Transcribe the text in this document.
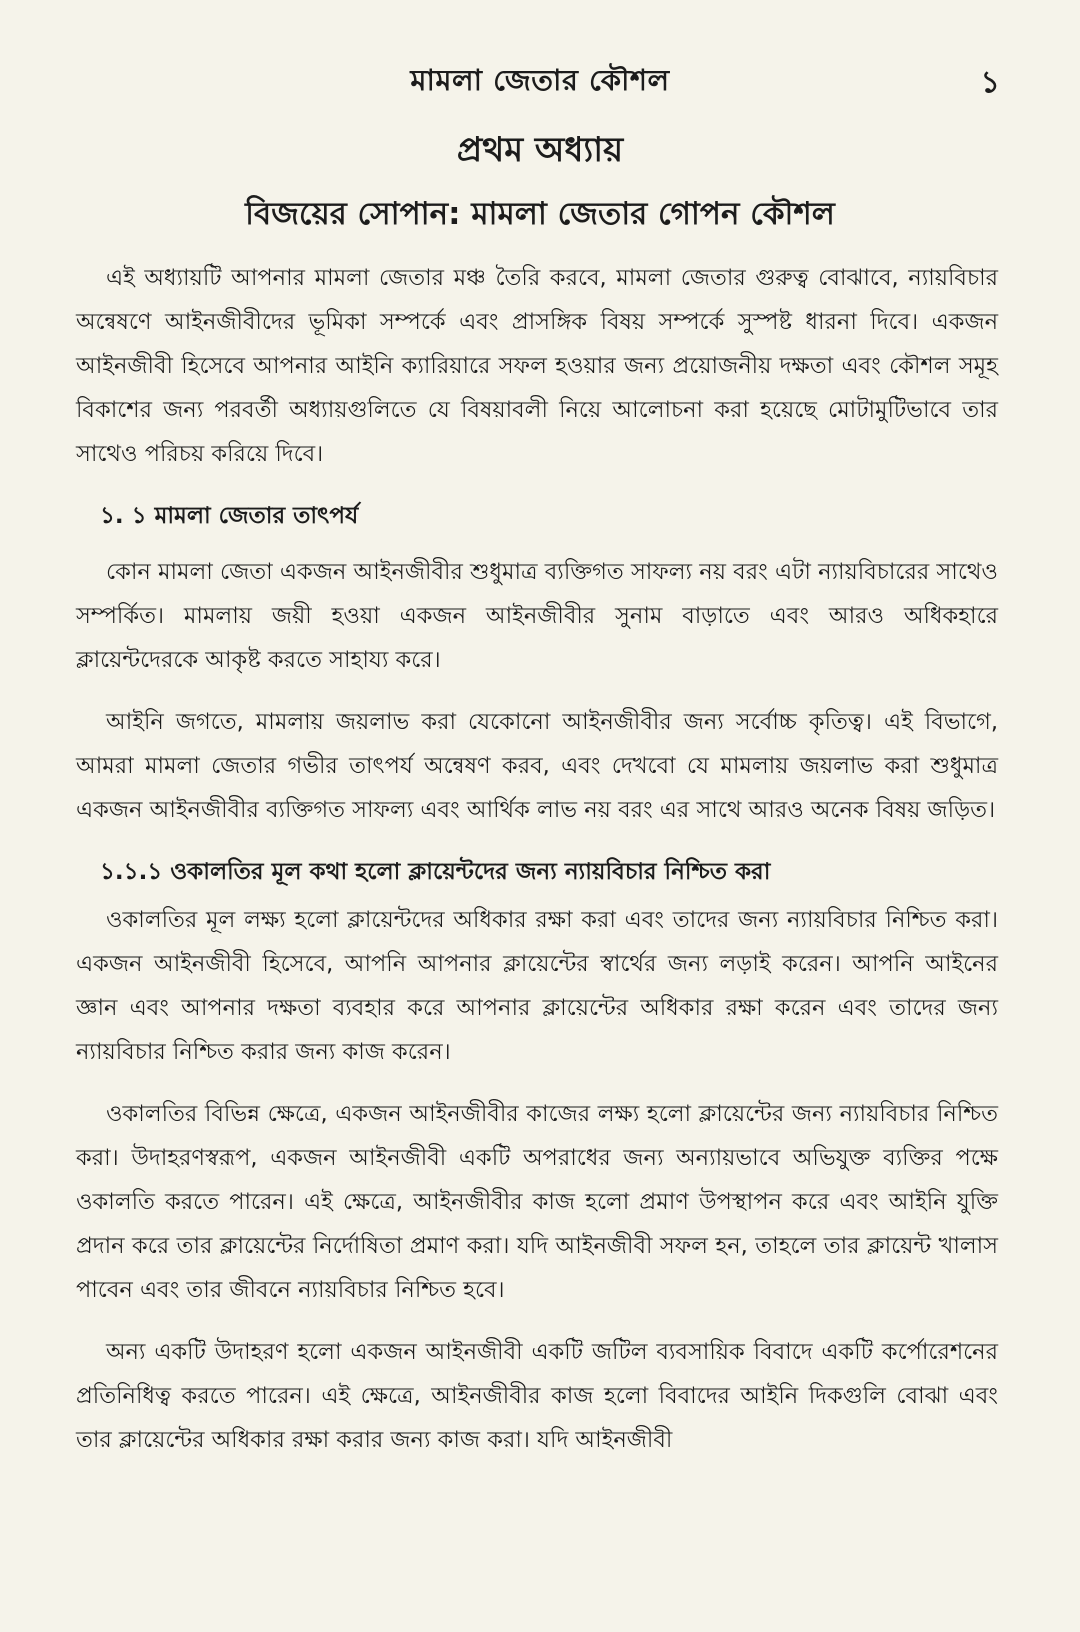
মামলা জেতার কৌশল	১
প্রথম অধ্যায়
বিজয়ের সোপান: মামলা জেতার গোপন কৌশল

এই অধ্যায়টি আপনার মামলা জেতার মঞ্চ তৈরি করবে, মামলা জেতার গুরুত্ব বোঝাবে, ন্যায়বিচার অন্বেষণে আইনজীবীদের ভূমিকা সম্পর্কে এবং প্রাসঙ্গিক বিষয় সম্পর্কে সুস্পষ্ট ধারনা দিবে। একজন আইনজীবী হিসেবে আপনার আইনি ক্যারিয়ারে সফল হওয়ার জন্য প্রয়োজনীয় দক্ষতা এবং কৌশল সমূহ বিকাশের জন্য পরবর্তী অধ্যায়গুলিতে যে বিষয়াবলী নিয়ে আলোচনা করা হয়েছে মোটামুটিভাবে তার সাথেও পরিচয় করিয়ে দিবে।

১. ১ মামলা জেতার তাৎপর্য

কোন মামলা জেতা একজন আইনজীবীর শুধুমাত্র ব্যক্তিগত সাফল্য নয় বরং এটা ন্যায়বিচারের সাথেও সম্পর্কিত। মামলায় জয়ী হওয়া একজন আইনজীবীর সুনাম বাড়াতে এবং আরও অধিকহারে ক্লায়েন্টদেরকে আকৃষ্ট করতে সাহায্য করে।

আইনি জগতে, মামলায় জয়লাভ করা যেকোনো আইনজীবীর জন্য সর্বোচ্চ কৃতিত্ব। এই বিভাগে, আমরা মামলা জেতার গভীর তাৎপর্য অন্বেষণ করব, এবং দেখবো যে মামলায় জয়লাভ করা শুধুমাত্র একজন আইনজীবীর ব্যক্তিগত সাফল্য এবং আর্থিক লাভ নয় বরং এর সাথে আরও অনেক বিষয় জড়িত।

১.১.১ ওকালতির মূল কথা হলো ক্লায়েন্টদের জন্য ন্যায়বিচার নিশ্চিত করা

ওকালতির মূল লক্ষ্য হলো ক্লায়েন্টদের অধিকার রক্ষা করা এবং তাদের জন্য ন্যায়বিচার নিশ্চিত করা। একজন আইনজীবী হিসেবে, আপনি আপনার ক্লায়েন্টের স্বার্থের জন্য লড়াই করেন। আপনি আইনের জ্ঞান এবং আপনার দক্ষতা ব্যবহার করে আপনার ক্লায়েন্টের অধিকার রক্ষা করেন এবং তাদের জন্য ন্যায়বিচার নিশ্চিত করার জন্য কাজ করেন।

ওকালতির বিভিন্ন ক্ষেত্রে, একজন আইনজীবীর কাজের লক্ষ্য হলো ক্লায়েন্টের জন্য ন্যায়বিচার নিশ্চিত করা। উদাহরণস্বরূপ, একজন আইনজীবী একটি অপরাধের জন্য অন্যায়ভাবে অভিযুক্ত ব্যক্তির পক্ষে ওকালতি করতে পারেন। এই ক্ষেত্রে, আইনজীবীর কাজ হলো প্রমাণ উপস্থাপন করে এবং আইনি যুক্তি প্রদান করে তার ক্লায়েন্টের নির্দোষিতা প্রমাণ করা। যদি আইনজীবী সফল হন, তাহলে তার ক্লায়েন্ট খালাস পাবেন এবং তার জীবনে ন্যায়বিচার নিশ্চিত হবে।

অন্য একটি উদাহরণ হলো একজন আইনজীবী একটি জটিল ব্যবসায়িক বিবাদে একটি কর্পোরেশনের প্রতিনিধিত্ব করতে পারেন। এই ক্ষেত্রে, আইনজীবীর কাজ হলো বিবাদের আইনি দিকগুলি বোঝা এবং তার ক্লায়েন্টের অধিকার রক্ষা করার জন্য কাজ করা। যদি আইনজীবী
